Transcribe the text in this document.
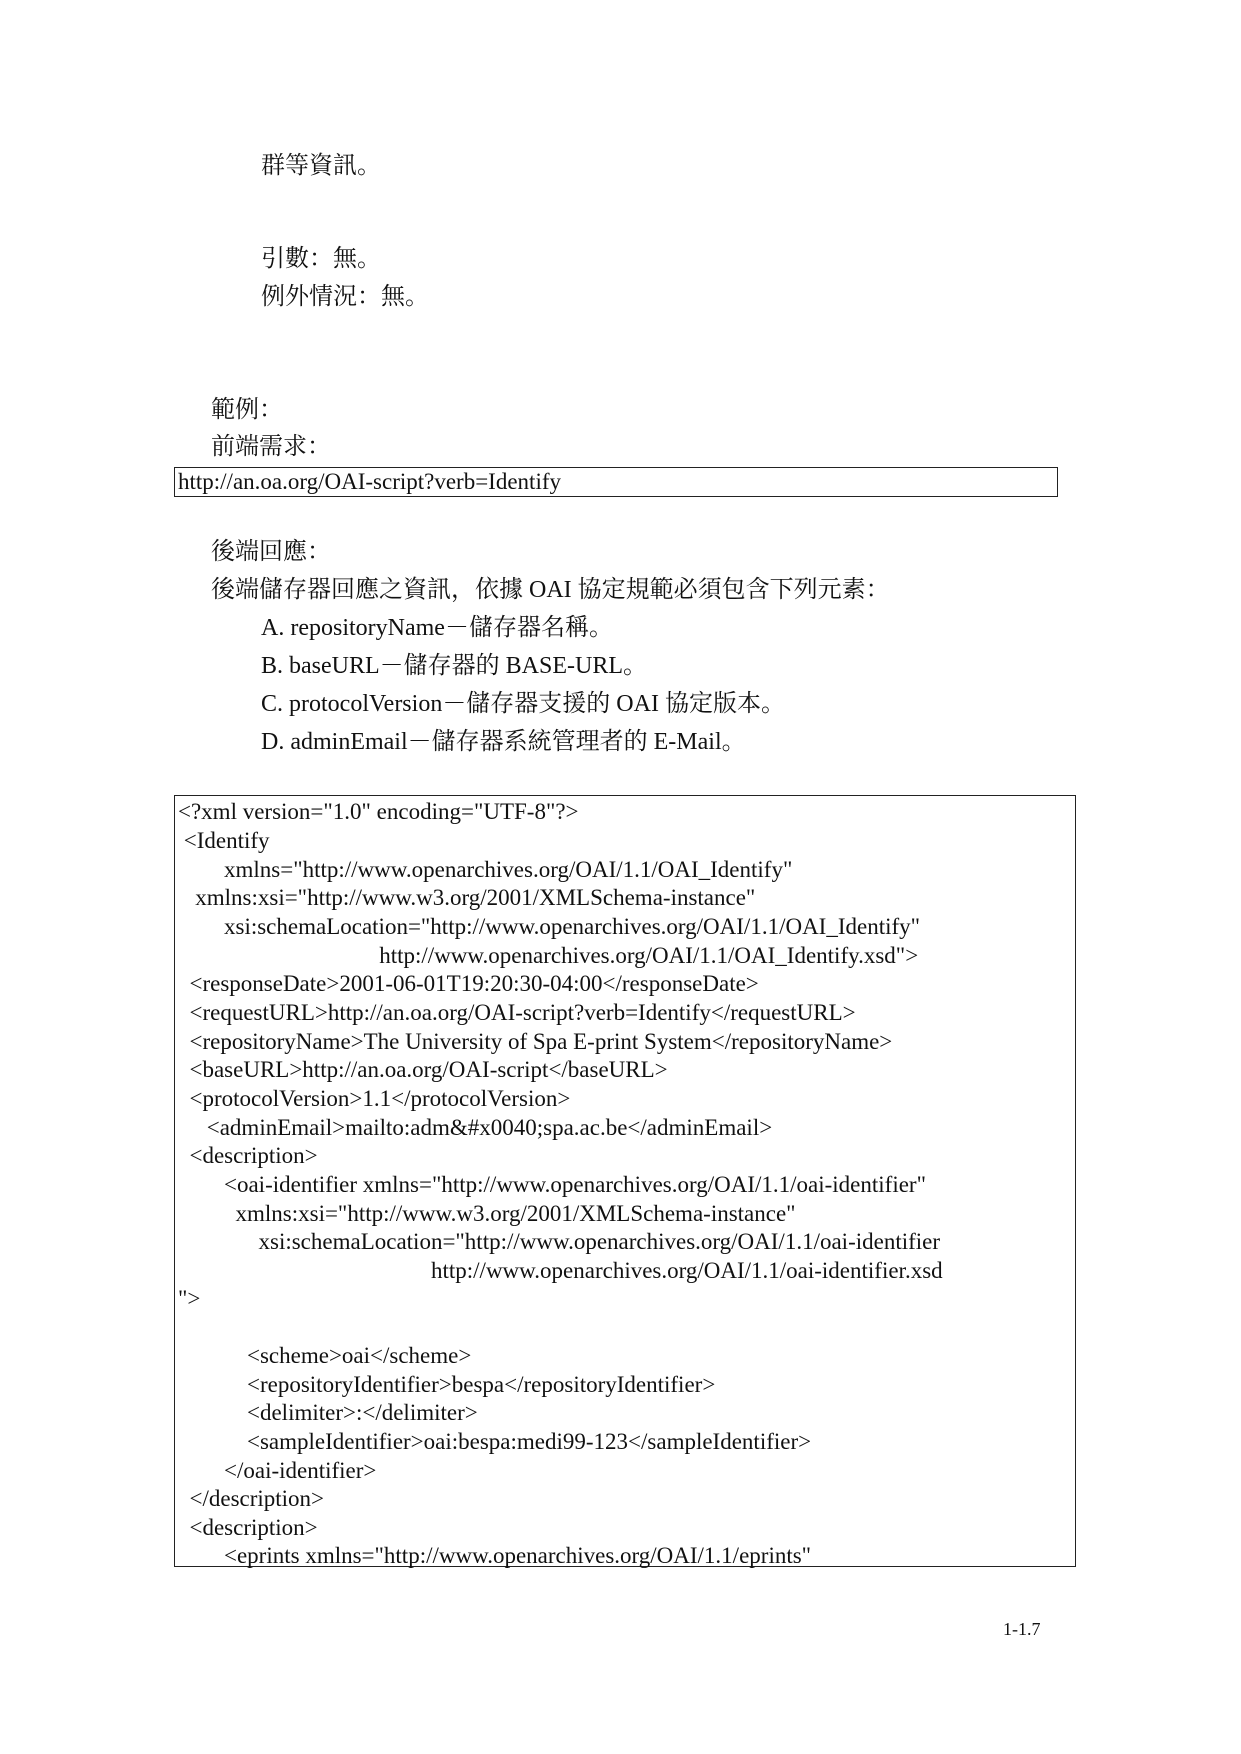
群等資訊。
引數：無。
例外情況：無。
範例：
前端需求：
http://an.oa.org/OAI-script?verb=Identify
後端回應：
後端儲存器回應之資訊，依據 OAI 協定規範必須包含下列元素：
A. repositoryName－儲存器名稱。
B. baseURL－儲存器的 BASE-URL。
C. protocolVersion－儲存器支援的 OAI 協定版本。
D. adminEmail－儲存器系統管理者的 E-Mail。
<?xml version="1.0" encoding="UTF-8"?>
<Identify
xmlns="http://www.openarchives.org/OAI/1.1/OAI_Identify"
xmlns:xsi="http://www.w3.org/2001/XMLSchema-instance"
xsi:schemaLocation="http://www.openarchives.org/OAI/1.1/OAI_Identify"
http://www.openarchives.org/OAI/1.1/OAI_Identify.xsd">
<responseDate>2001-06-01T19:20:30-04:00</responseDate>
<requestURL>http://an.oa.org/OAI-script?verb=Identify</requestURL>
<repositoryName>The University of Spa E-print System</repositoryName>
<baseURL>http://an.oa.org/OAI-script</baseURL>
<protocolVersion>1.1</protocolVersion>
<adminEmail>mailto:adm&#x0040;spa.ac.be</adminEmail>
<description>
<oai-identifier xmlns="http://www.openarchives.org/OAI/1.1/oai-identifier"
xmlns:xsi="http://www.w3.org/2001/XMLSchema-instance"
xsi:schemaLocation="http://www.openarchives.org/OAI/1.1/oai-identifier
http://www.openarchives.org/OAI/1.1/oai-identifier.xsd
">
<scheme>oai</scheme>
<repositoryIdentifier>bespa</repositoryIdentifier>
<delimiter>:</delimiter>
<sampleIdentifier>oai:bespa:medi99-123</sampleIdentifier>
</oai-identifier>
</description>
<description>
<eprints xmlns="http://www.openarchives.org/OAI/1.1/eprints"
1-1.7
